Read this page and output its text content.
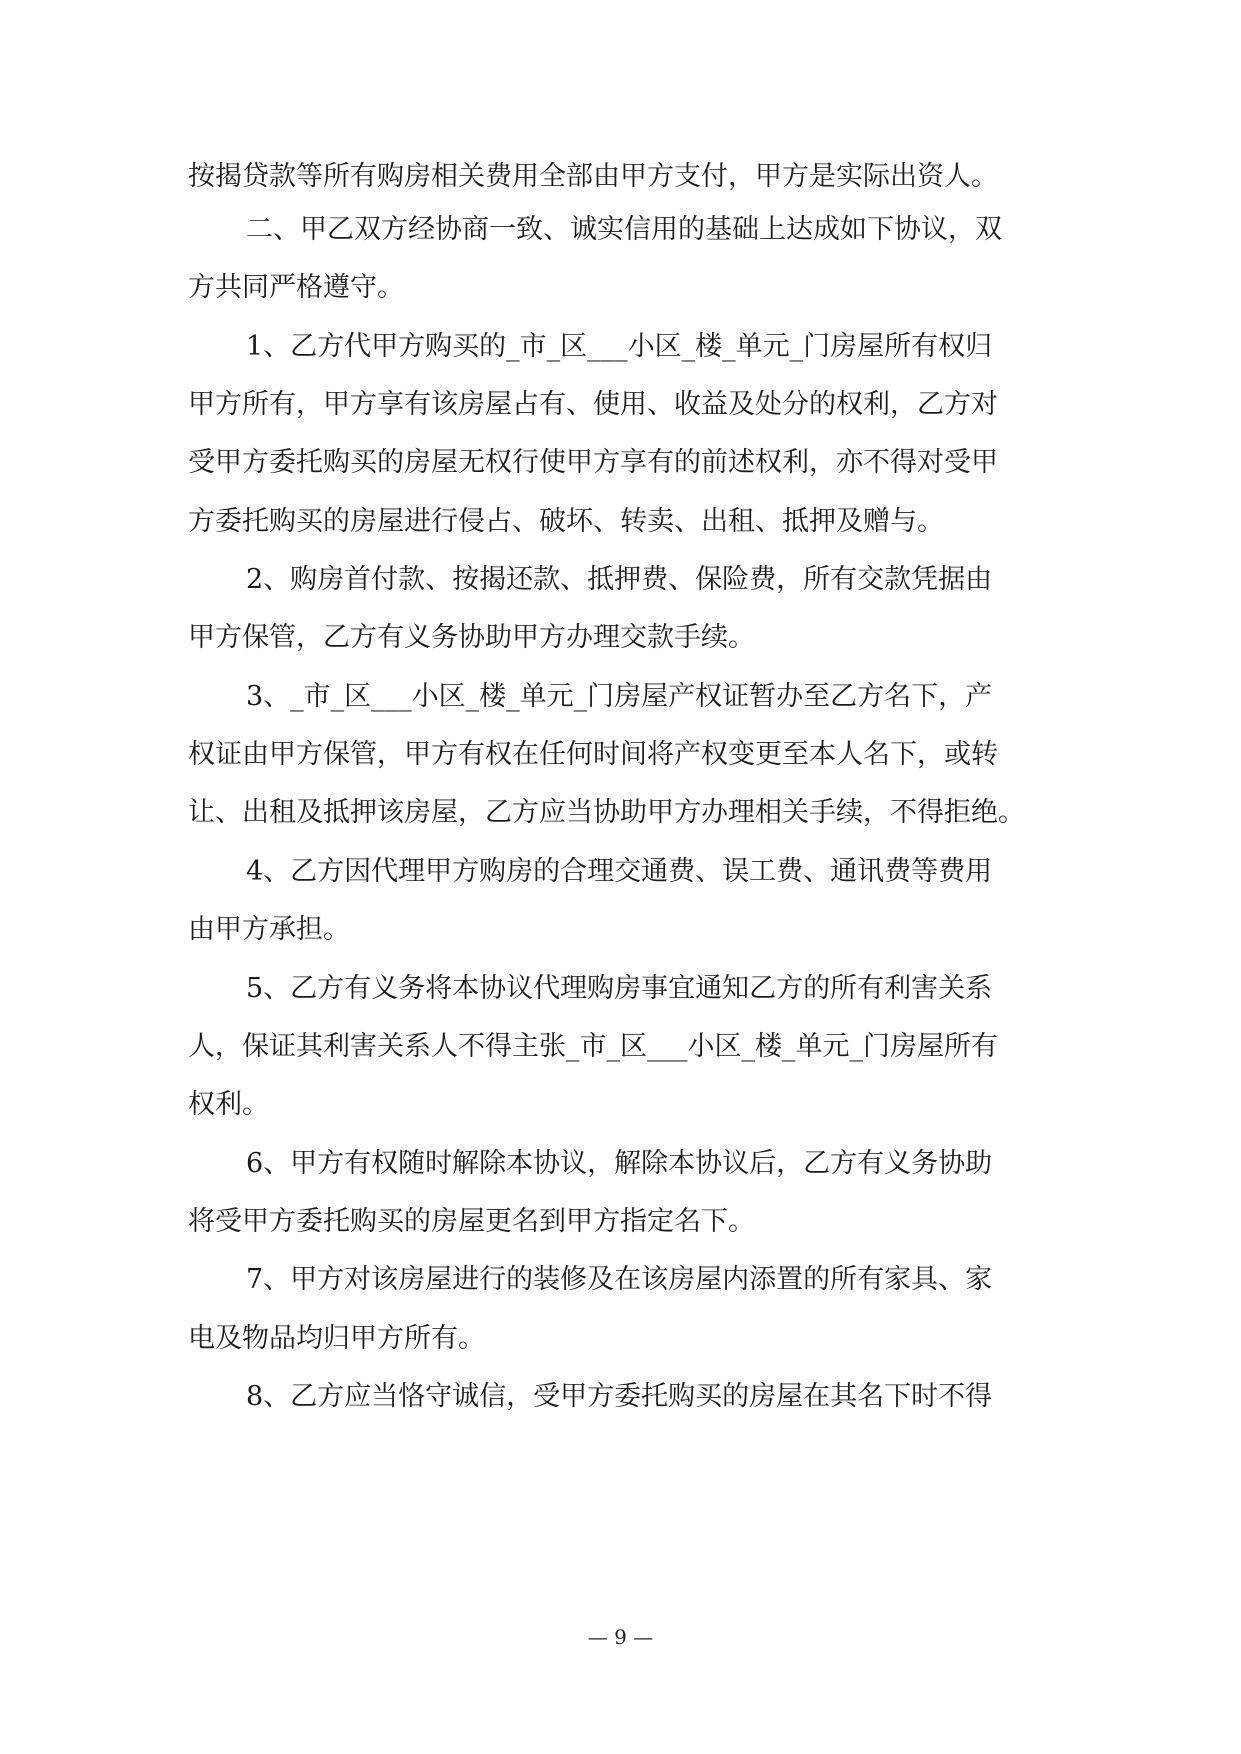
按揭贷款等所有购房相关费用全部由甲方支付，甲方是实际出资人。
二、甲乙双方经协商一致、诚实信用的基础上达成如下协议，双
方共同严格遵守。
1、乙方代甲方购买的_市_区___小区_楼_单元_门房屋所有权归
甲方所有，甲方享有该房屋占有、使用、收益及处分的权利，乙方对
受甲方委托购买的房屋无权行使甲方享有的前述权利，亦不得对受甲
方委托购买的房屋进行侵占、破坏、转卖、出租、抵押及赠与。
2、购房首付款、按揭还款、抵押费、保险费，所有交款凭据由
甲方保管，乙方有义务协助甲方办理交款手续。
3、_市_区___小区_楼_单元_门房屋产权证暂办至乙方名下，产
权证由甲方保管，甲方有权在任何时间将产权变更至本人名下，或转
让、出租及抵押该房屋，乙方应当协助甲方办理相关手续，不得拒绝。
4、乙方因代理甲方购房的合理交通费、误工费、通讯费等费用
由甲方承担。
5、乙方有义务将本协议代理购房事宜通知乙方的所有利害关系
人，保证其利害关系人不得主张_市_区___小区_楼_单元_门房屋所有
权利。
6、甲方有权随时解除本协议，解除本协议后，乙方有义务协助
将受甲方委托购买的房屋更名到甲方指定名下。
7、甲方对该房屋进行的装修及在该房屋内添置的所有家具、家
电及物品均归甲方所有。
8、乙方应当恪守诚信，受甲方委托购买的房屋在其名下时不得
— 9 —
